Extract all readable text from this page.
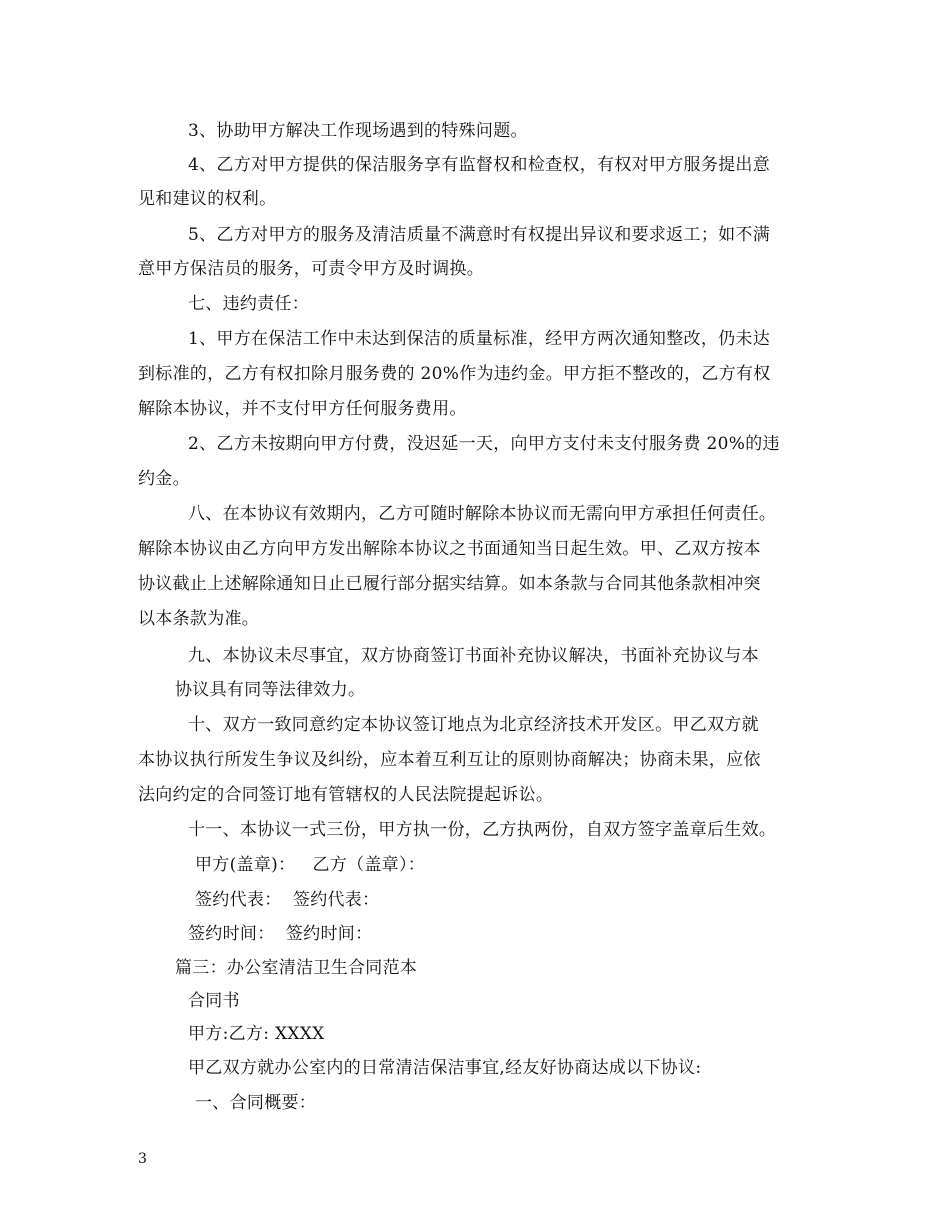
3、协助甲方解决工作现场遇到的特殊问题。
4、乙方对甲方提供的保洁服务享有监督权和检查权，有权对甲方服务提出意
见和建议的权利。
5、乙方对甲方的服务及清洁质量不满意时有权提出异议和要求返工；如不满
意甲方保洁员的服务，可责令甲方及时调换。
七、违约责任：
1、甲方在保洁工作中未达到保洁的质量标准，经甲方两次通知整改，仍未达
到标准的，乙方有权扣除月服务费的 20%作为违约金。甲方拒不整改的，乙方有权
解除本协议，并不支付甲方任何服务费用。
2、乙方未按期向甲方付费，没迟延一天，向甲方支付未支付服务费 20%的违
约金。
八、在本协议有效期内，乙方可随时解除本协议而无需向甲方承担任何责任。
解除本协议由乙方向甲方发出解除本协议之书面通知当日起生效。甲、乙双方按本
协议截止上述解除通知日止已履行部分据实结算。如本条款与合同其他条款相冲突
以本条款为准。
九、本协议未尽事宜，双方协商签订书面补充协议解决，书面补充协议与本
协议具有同等法律效力。
十、双方一致同意约定本协议签订地点为北京经济技术开发区。甲乙双方就
本协议执行所发生争议及纠纷，应本着互利互让的原则协商解决；协商未果，应依
法向约定的合同签订地有管辖权的人民法院提起诉讼。
十一、本协议一式三份，甲方执一份，乙方执两份，自双方签字盖章后生效。
甲方(盖章)：   乙方（盖章）：
签约代表：  签约代表：
签约时间：  签约时间：
篇三：办公室清洁卫生合同范本
合同书
甲方:乙方: XXXX
甲乙双方就办公室内的日常清洁保洁事宜,经友好协商达成以下协议:
一、合同概要：
3
